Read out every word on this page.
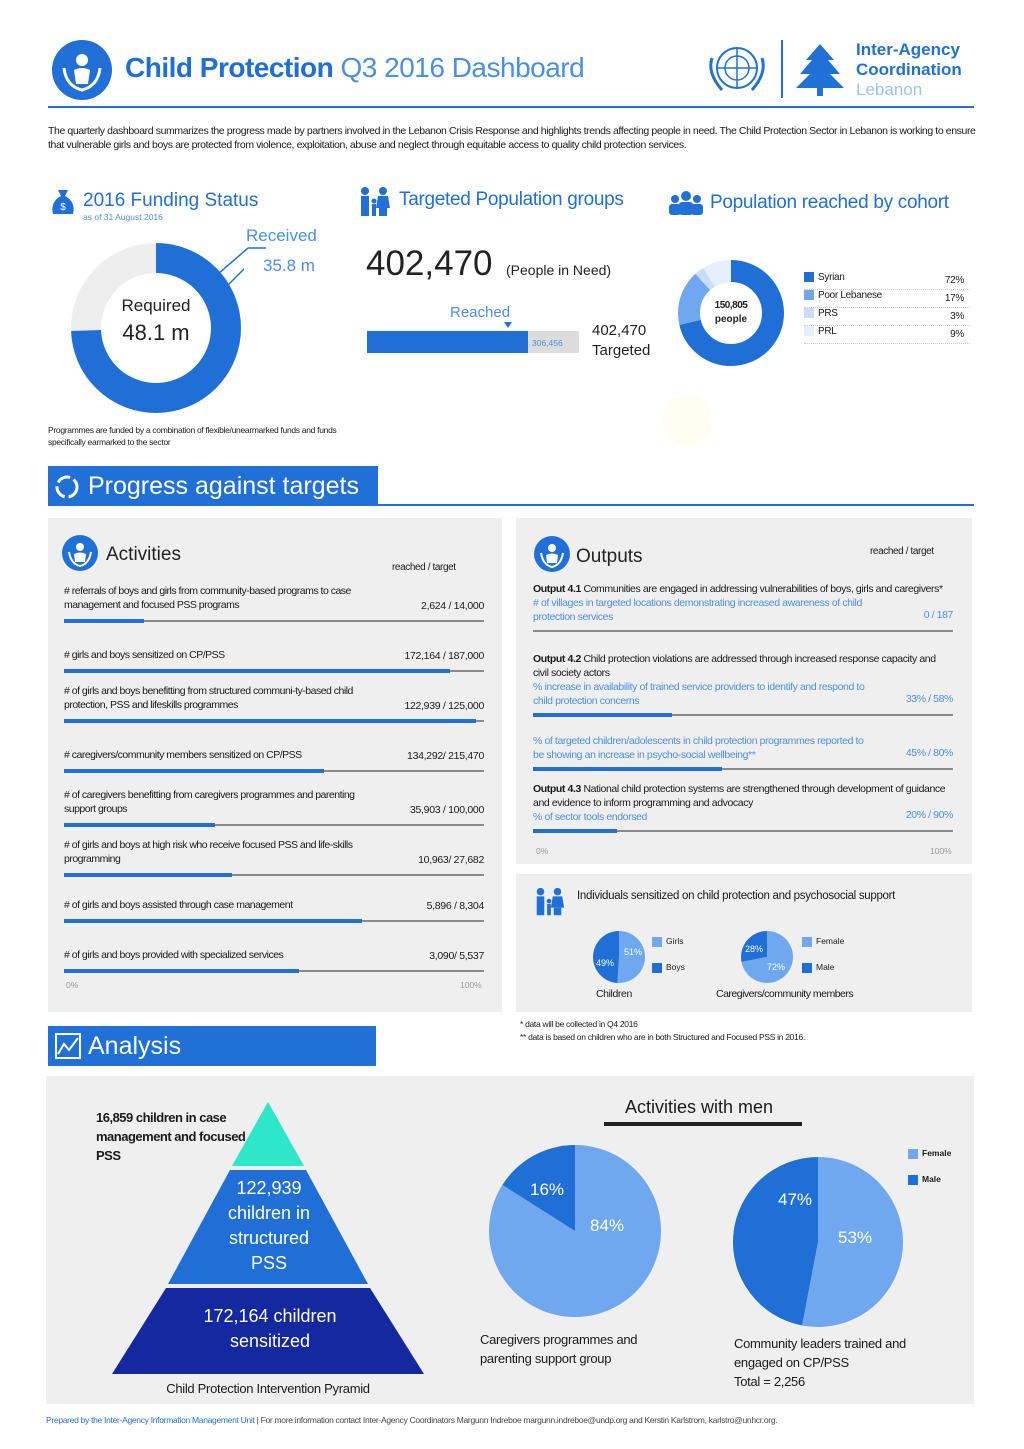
Child Protection Q3 2016 Dashboard
Inter-Agency
Coordination
Lebanon
The quarterly dashboard summarizes the progress made by partners involved in the Lebanon Crisis Response and highlights trends affecting people in need. The Child Protection Sector in Lebanon is working to ensure that vulnerable girls and boys are protected from violence, exploitation, abuse and neglect through equitable access to quality child protection services.
$ 2016 Funding Status
as of 31 August 2016
Received
35.8 m
Required
48.1 m
Programmes are funded by a combination of flexible/unearmarked funds and funds specifically earmarked to the sector
Targeted Population groups
402,470 (People in Need)
Reached
306,456
402,470
Targeted
Population reached by cohort
150,805
people
Syrian	72%
Poor Lebanese	17%
PRS	3%
PRL	9%
Progress against targets
Activities
reached / target
# referrals of boys and girls from community-based programs to case management and focused PSS programs	2,624 / 14,000
# girls and boys sensitized on CP/PSS	172,164 / 187,000
# of girls and boys benefitting from structured communi-ty-based child protection, PSS and lifeskills programmes	122,939 / 125,000
# caregivers/community members sensitized on CP/PSS	134,292/ 215,470
# of caregivers benefitting from caregivers programmes and parenting support groups	35,903 / 100,000
# of girls and boys at high risk who receive focused PSS and life-skills programming	10,963/ 27,682
# of girls and boys assisted through case management	5,896 / 8,304
# of girls and boys provided with specialized services	3,090/ 5,537
0%	100%
Outputs	reached / target
Output 4.1 Communities are engaged in addressing vulnerabilities of boys, girls and caregivers*
# of villages in targeted locations demonstrating increased awareness of child protection services	0 / 187
Output 4.2 Child protection violations are addressed through increased response capacity and civil society actors
% increase in availability of trained service providers to identify and respond to child protection concerns	33% / 58%
% of targeted children/adolescents in child protection programmes reported to be showing an increase in psycho-social wellbeing**	45% / 80%
Output 4.3 National child protection systems are strengthened through development of guidance and evidence to inform programming and advocacy
% of sector tools endorsed	20% / 90%
0%	100%
Individuals sensitized on child protection and psychosocial support
49%
51%
Girls
Boys
Children
28%
72%
Female
Male
Caregivers/community members
* data will be collected in Q4 2016
** data is based on children who are in both Structured and Focused PSS in 2016.
Analysis
16,859 children in case management and focused PSS
122,939 children in structured PSS
172,164 children sensitized
Child Protection Intervention Pyramid
Activities with men
Female
Male
16%
84%
Caregivers programmes and parenting support group
47%
53%
Community leaders trained and
engaged on CP/PSS
Total = 2,256
Prepared by the Inter-Agency Information Management Unit | For more information contact Inter-Agency Coordinators Margunn Indreboe margunn.indreboe@undp.org and Kerstin Karlstrom, karlstro@unhcr.org.
